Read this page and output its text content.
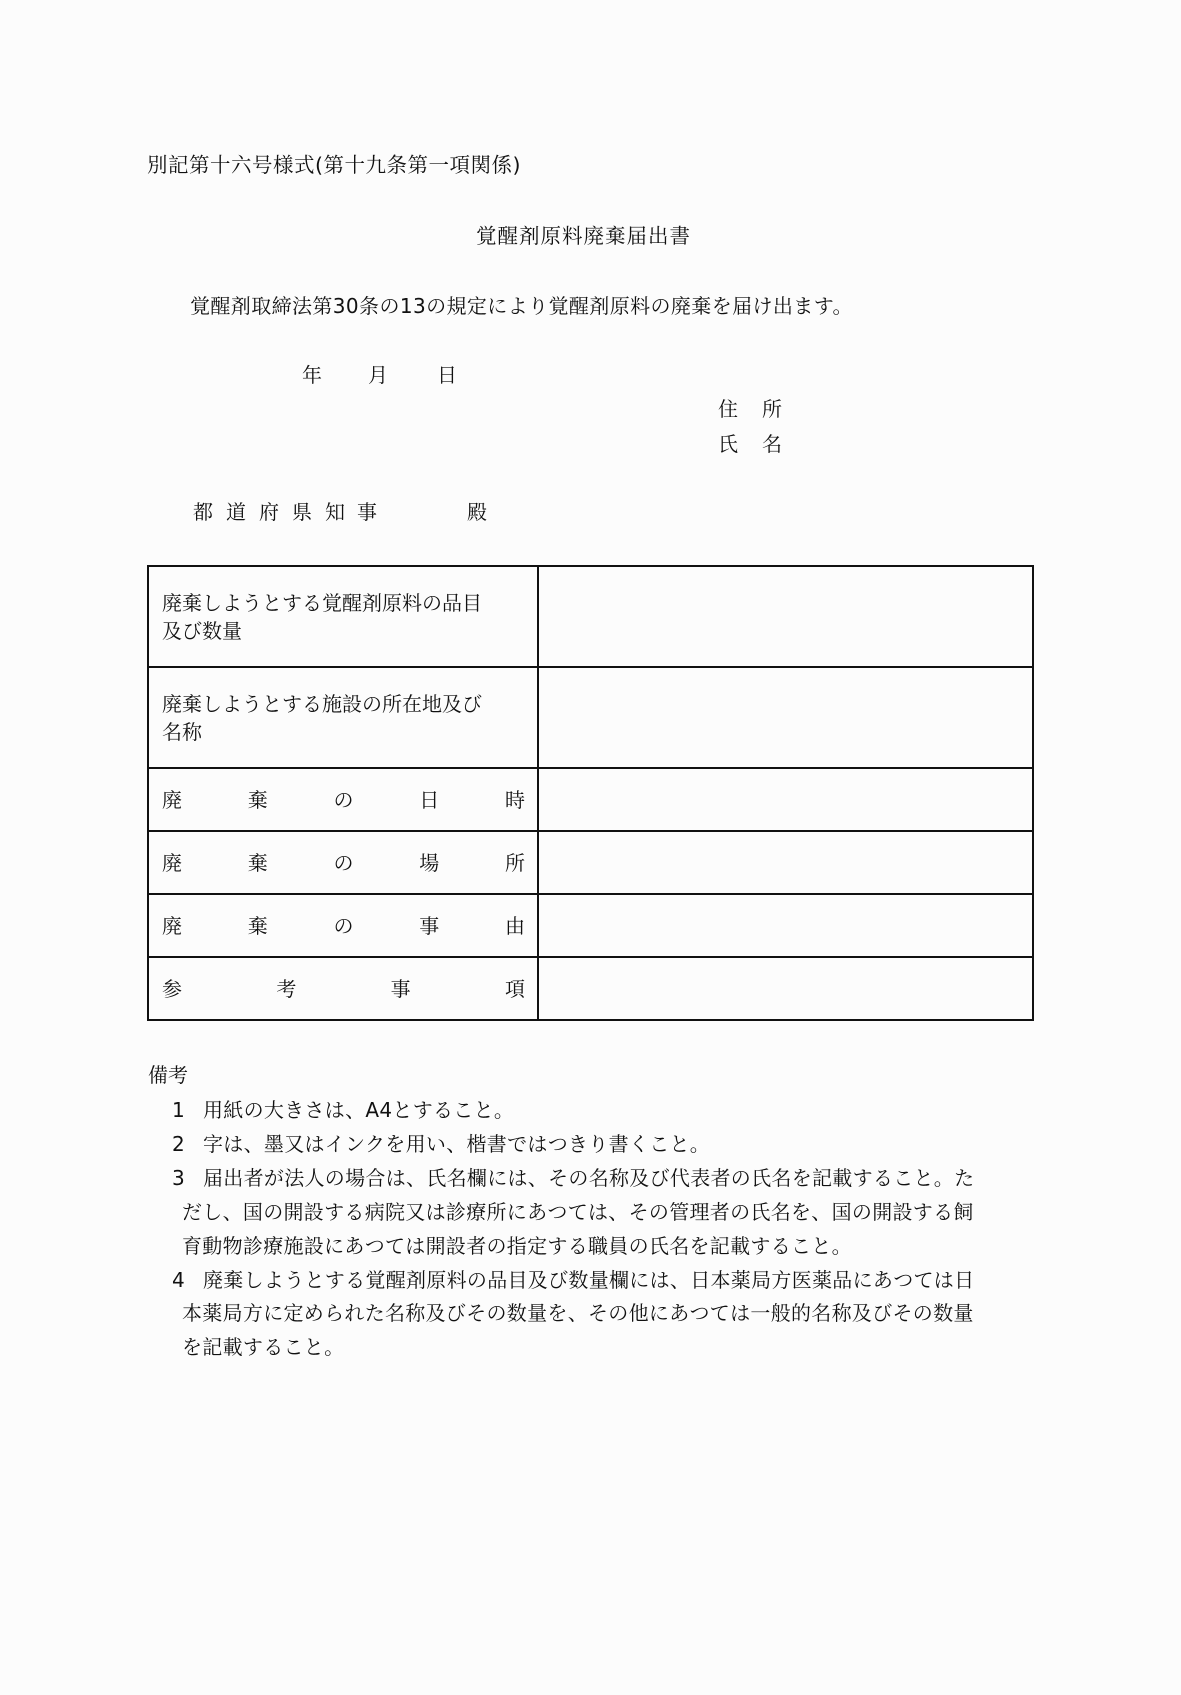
別記第十六号様式(第十九条第一項関係)
覚醒剤原料廃棄届出書
覚醒剤取締法第30条の13の規定により覚醒剤原料の廃棄を届け出ます。
年 月 日
住 所
氏 名
都 道 府 県 知 事	殿
廃棄しようとする覚醒剤原料の品目
及び数量	

廃棄しようとする施設の所在地及び
名称	

廃 棄 の 日 時	

廃 棄 の 場 所	

廃 棄 の 事 由	

参 考 事 項	

備考
1 用紙の大きさは、A4とすること。
2 字は、墨又はインクを用い、楷書ではつきり書くこと。
3 届出者が法人の場合は、氏名欄には、その名称及び代表者の氏名を記載すること。た
だし、国の開設する病院又は診療所にあつては、その管理者の氏名を、国の開設する飼
育動物診療施設にあつては開設者の指定する職員の氏名を記載すること。
4 廃棄しようとする覚醒剤原料の品目及び数量欄には、日本薬局方医薬品にあつては日
本薬局方に定められた名称及びその数量を、その他にあつては一般的名称及びその数量
を記載すること。
